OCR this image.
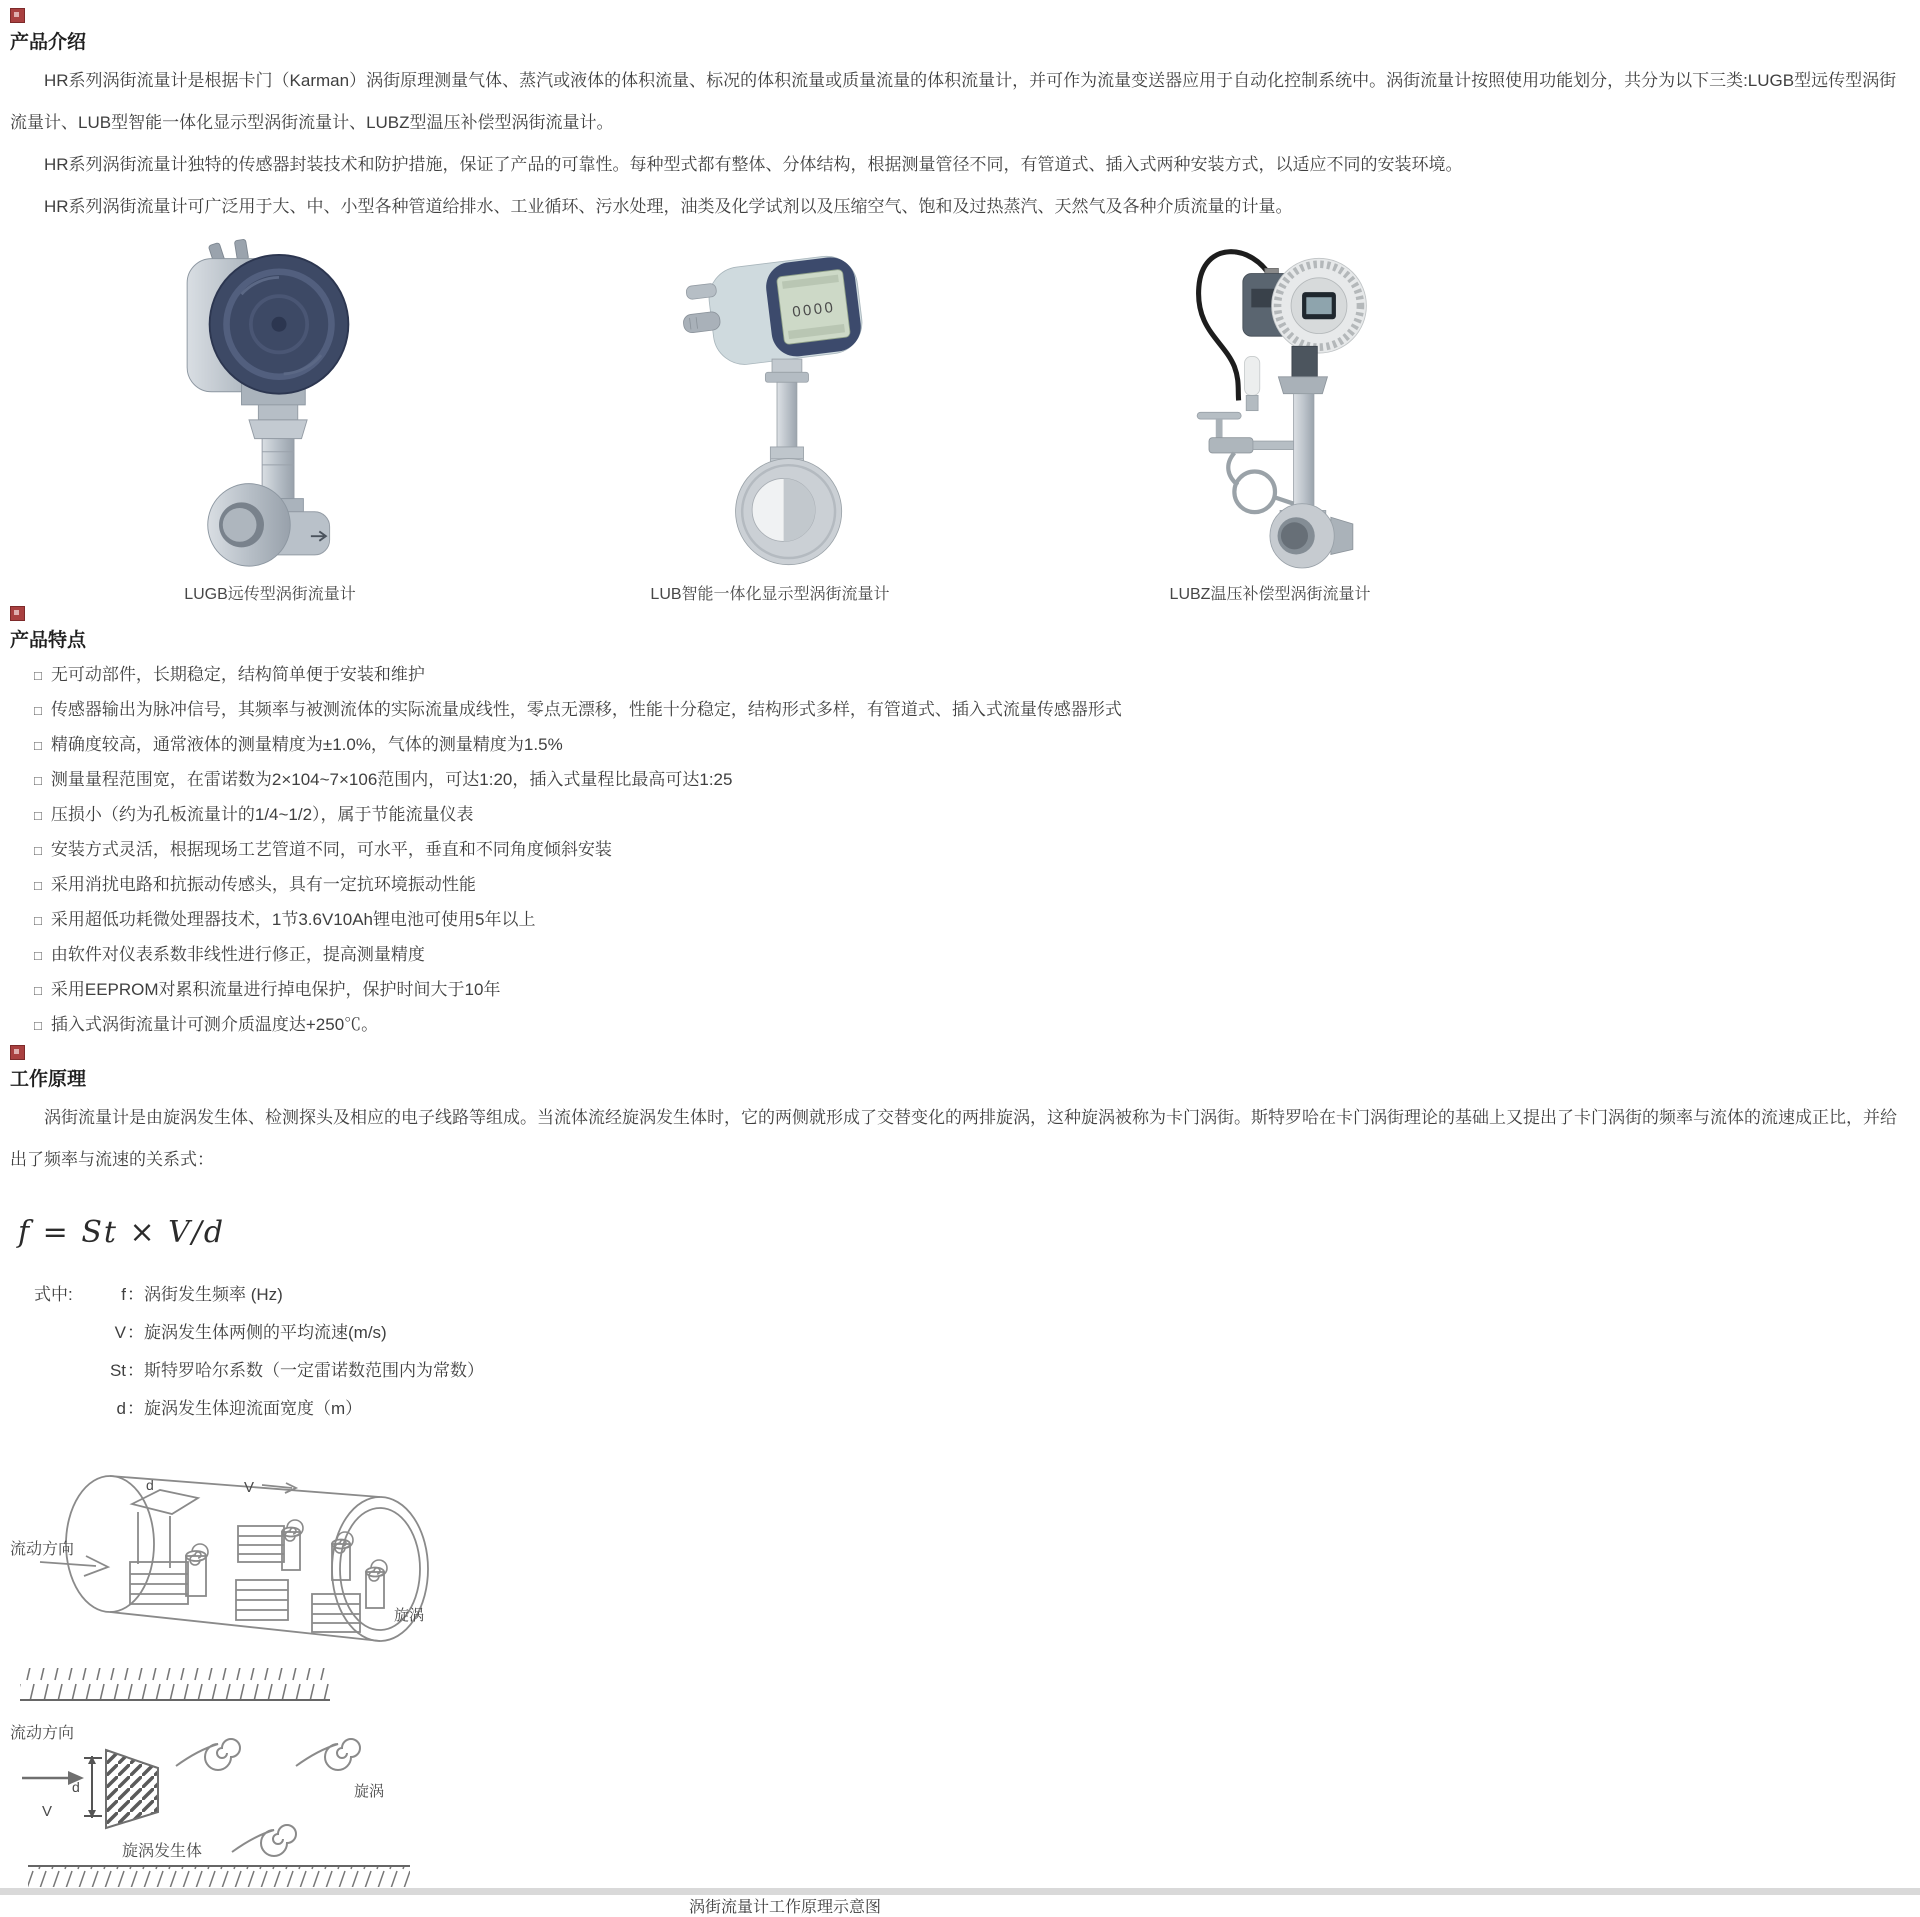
产品介绍

HR系列涡街流量计是根据卡门（Karman）涡街原理测量气体、蒸汽或液体的体积流量、标况的体积流量或质量流量的体积流量计，并可作为流量变送器应用于自动化控制系统中。涡街流量计按照使用功能划分，共分为以下三类:LUGB型远传型涡街流量计、LUB型智能一体化显示型涡街流量计、LUBZ型温压补偿型涡街流量计。

HR系列涡街流量计独特的传感器封装技术和防护措施，保证了产品的可靠性。每种型式都有整体、分体结构，根据测量管径不同，有管道式、插入式两种安装方式，以适应不同的安装环境。

HR系列涡街流量计可广泛用于大、中、小型各种管道给排水、工业循环、污水处理，油类及化学试剂以及压缩空气、饱和及过热蒸汽、天然气及各种介质流量的计量。

LUGB远传型涡街流量计
0000
LUB智能一体化显示型涡街流量计	LUBZ温压补偿型涡街流量计
产品特点
□ 无可动部件，长期稳定，结构简单便于安装和维护
□ 传感器输出为脉冲信号，其频率与被测流体的实际流量成线性，零点无漂移，性能十分稳定，结构形式多样，有管道式、插入式流量传感器形式
□ 精确度较高，通常液体的测量精度为±1.0%，气体的测量精度为1.5%
□ 测量量程范围宽，在雷诺数为2×104~7×106范围内，可达1:20，插入式量程比最高可达1:25
□ 压损小（约为孔板流量计的1/4~1/2），属于节能流量仪表
□ 安装方式灵活，根据现场工艺管道不同，可水平，垂直和不同角度倾斜安装
□ 采用消扰电路和抗振动传感头，具有一定抗环境振动性能
□ 采用超低功耗微处理器技术，1节3.6V10Ah锂电池可使用5年以上
□ 由软件对仪表系数非线性进行修正，提高测量精度
□ 采用EEPROM对累积流量进行掉电保护，保护时间大于10年
□ 插入式涡街流量计可测介质温度达+250℃。
工作原理

涡街流量计是由旋涡发生体、检测探头及相应的电子线路等组成。当流体流经旋涡发生体时，它的两侧就形成了交替变化的两排旋涡，这种旋涡被称为卡门涡街。斯特罗哈在卡门涡街理论的基础上又提出了卡门涡街的频率与流体的流速成正比，并给出了频率与流速的关系式：

f = St × V/d
式中:	f：涡街发生频率 (Hz)
V：旋涡发生体两侧的平均流速(m/s)
St：斯特罗哈尔系数（一定雷诺数范围内为常数）
d：旋涡发生体迎流面宽度（m）
流动方向
d	V
旋涡
流动方向
V
d	旋涡
旋涡发生体
涡街流量计工作原理示意图
